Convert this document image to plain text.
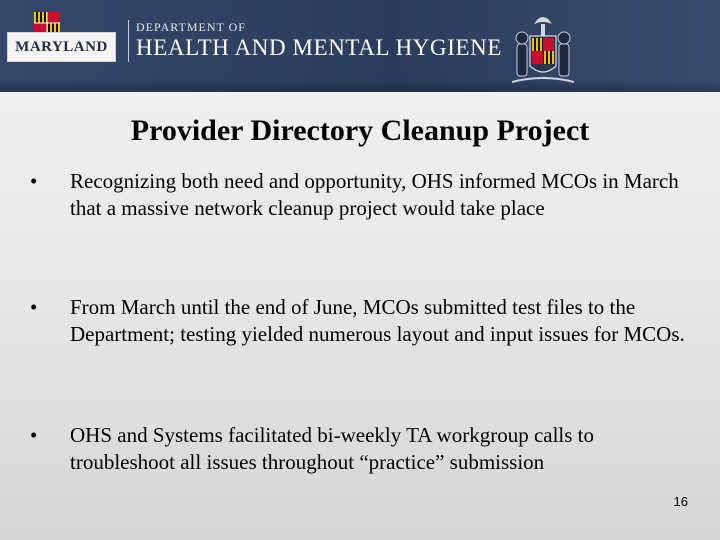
MARYLAND
DEPARTMENT OF
HEALTH AND MENTAL HYGIENE
Provider Directory Cleanup Project
•	Recognizing both need and opportunity, OHS informed MCOs in March that a massive network cleanup project would take place
•	From March until the end of June, MCOs submitted test files to the Department; testing yielded numerous layout and input issues for MCOs.
•	OHS and Systems facilitated bi-weekly TA workgroup calls to troubleshoot all issues throughout “practice” submission
16
